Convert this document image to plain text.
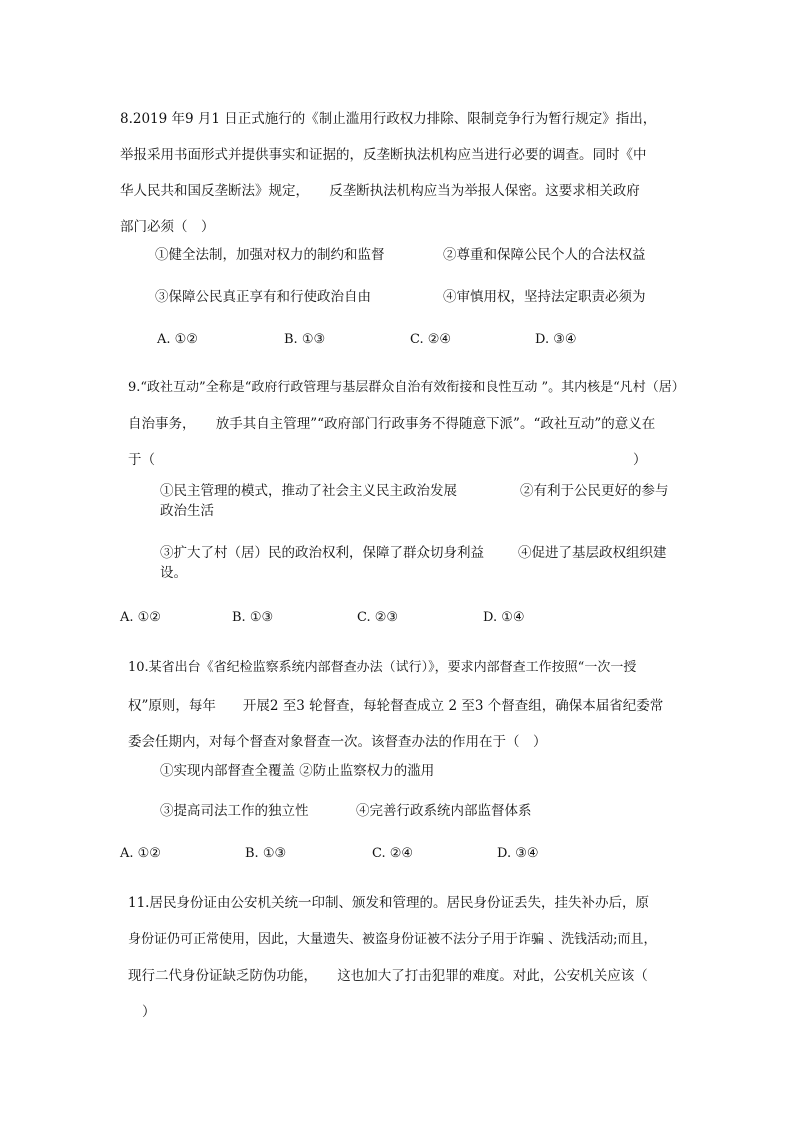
8.2019 年9 月1 日正式施行的《制止滥用行政权力排除、限制竞争行为暂行规定》指出，
举报采用书面形式并提供事实和证据的，反垄断执法机构应当进行必要的调查。同时《中
华人民共和国反垄断法》规定，　　反垄断执法机构应当为举报人保密。这要求相关政府
部门必须（　）
①健全法制，加强对权力的制约和监督	②尊重和保障公民个人的合法权益
③保障公民真正享有和行使政治自由	④审慎用权，坚持法定职责必须为
A. ①②	B. ①③	C. ②④	D. ③④
9.“政社互动”全称是“政府行政管理与基层群众自治有效衔接和良性互动 ”。其内核是“凡村（居）
自治事务，　　放手其自主管理”“政府部门行政事务不得随意下派”。“政社互动”的意义在
于（	）
①民主管理的模式，推动了社会主义民主政治发展	②有利于公民更好的参与
政治生活
③扩大了村（居）民的政治权利，保障了群众切身利益	④促进了基层政权组织建
设。
A. ①②	B. ①③	C. ②③	D. ①④
10.某省出台《省纪检监察系统内部督查办法（试行）》，要求内部督查工作按照“一次一授
权”原则，每年　　开展2 至3 轮督查，每轮督查成立 2 至3 个督查组，确保本届省纪委常
委会任期内，对每个督查对象督查一次。该督查办法的作用在于（　）
①实现内部督查全覆盖 ②防止监察权力的滥用
③提高司法工作的独立性	④完善行政系统内部监督体系
A. ①②	B. ①③	C. ②④	D. ③④
11.居民身份证由公安机关统一印制、颁发和管理的。居民身份证丢失，挂失补办后，原
身份证仍可正常使用，因此，大量遗失、被盗身份证被不法分子用于诈骗 、洗钱活动;而且，
现行二代身份证缺乏防伪功能，　　这也加大了打击犯罪的难度。对此，公安机关应该（
）
